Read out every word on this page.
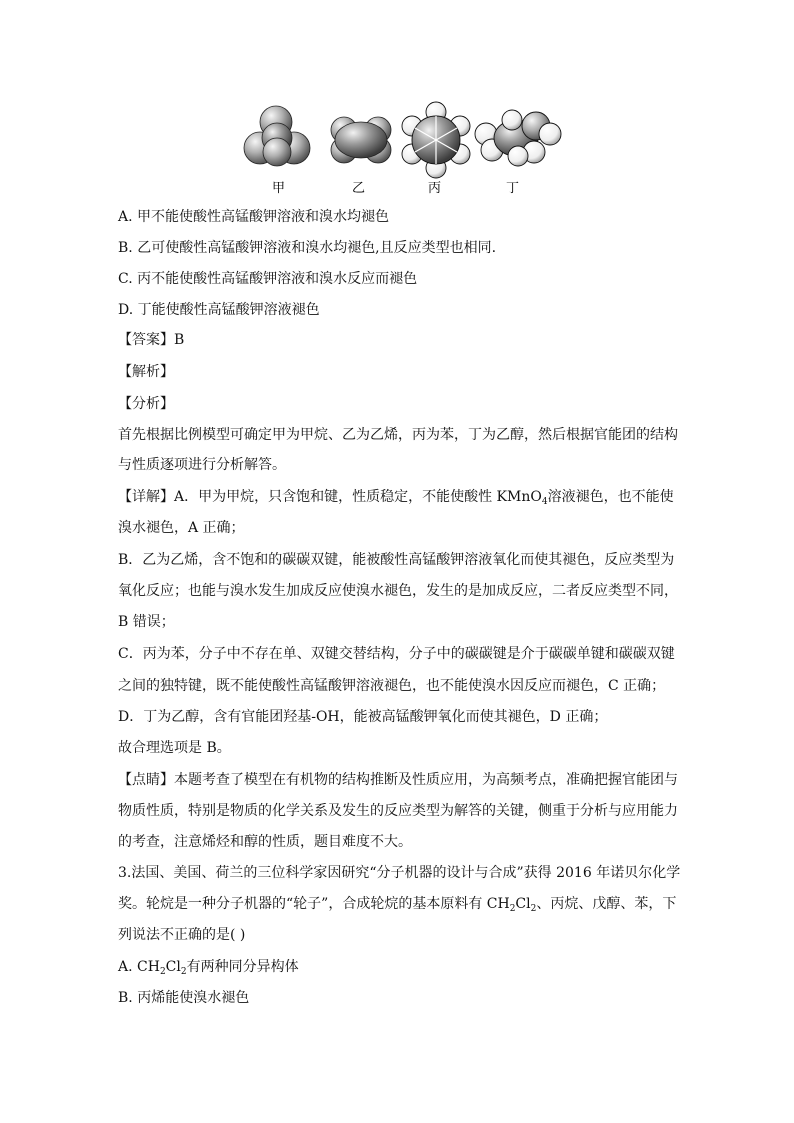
甲	乙	丙	丁
A. 甲不能使酸性高锰酸钾溶液和溴水均褪色
B. 乙可使酸性高锰酸钾溶液和溴水均褪色,且反应类型也相同.
C. 丙不能使酸性高锰酸钾溶液和溴水反应而褪色
D. 丁能使酸性高锰酸钾溶液褪色
【答案】B
【解析】
【分析】
首先根据比例模型可确定甲为甲烷、乙为乙烯，丙为苯，丁为乙醇，然后根据官能团的结构
与性质逐项进行分析解答。
【详解】A．甲为甲烷，只含饱和键，性质稳定，不能使酸性 KMnO$_4$溶液褪色，也不能使
溴水褪色，A 正确；
B．乙为乙烯，含不饱和的碳碳双键，能被酸性高锰酸钾溶液氧化而使其褪色，反应类型为
氧化反应；也能与溴水发生加成反应使溴水褪色，发生的是加成反应，二者反应类型不同，
B 错误；
C．丙为苯，分子中不存在单、双键交替结构，分子中的碳碳键是介于碳碳单键和碳碳双键
之间的独特键，既不能使酸性高锰酸钾溶液褪色，也不能使溴水因反应而褪色，C 正确；
D．丁为乙醇，含有官能团羟基-OH，能被高锰酸钾氧化而使其褪色，D 正确；
故合理选项是 B。
【点睛】本题考查了模型在有机物的结构推断及性质应用，为高频考点，准确把握官能团与
物质性质，特别是物质的化学关系及发生的反应类型为解答的关键，侧重于分析与应用能力
的考查，注意烯烃和醇的性质，题目难度不大。
3.法国、美国、荷兰的三位科学家因研究“分子机器的设计与合成”获得 2016 年诺贝尔化学
奖。轮烷是一种分子机器的“轮子”，合成轮烷的基本原料有 $CH_2Cl_2$、丙烷、戊醇、苯，下
列说法不正确的是( )
A. $CH_2Cl_2$有两种同分异构体
B. 丙烯能使溴水褪色
